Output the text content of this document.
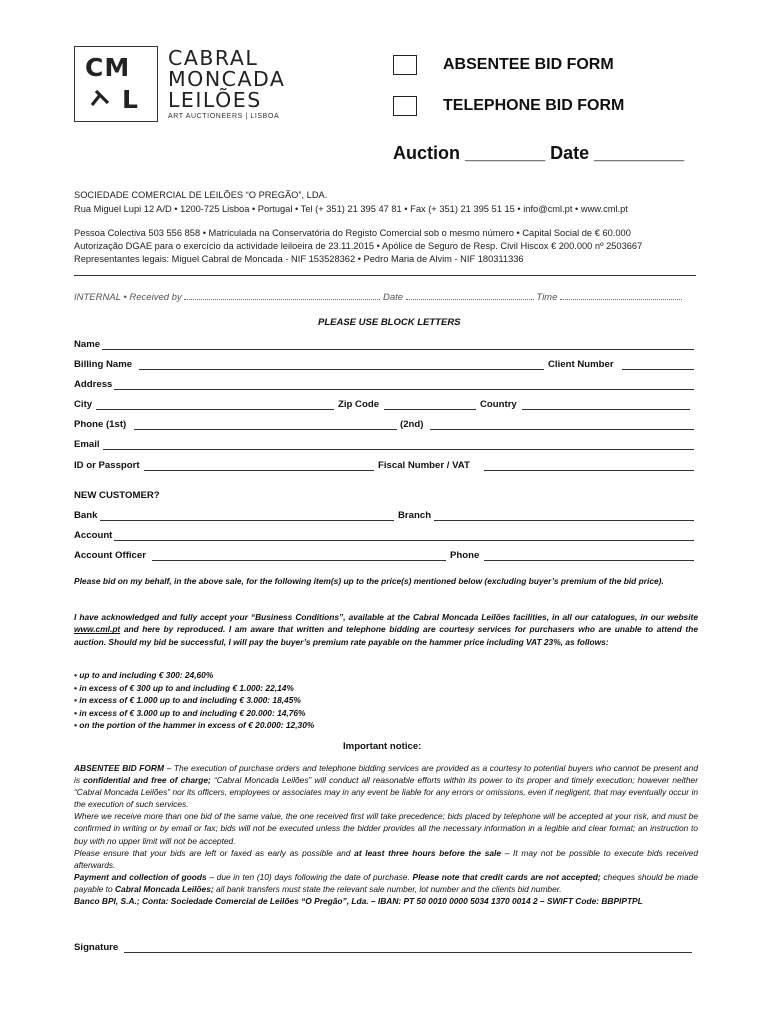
CM
L
CABRAL
MONCADA
LEILÕES
ART AUCTIONEERS | LISBOA
ABSENTEE BID FORM
TELEPHONE BID FORM
Auction ________ Date _________
SOCIEDADE COMERCIAL DE LEILÕES “O PREGÃO”, LDA.
Rua Miguel Lupi 12 A/D • 1200-725 Lisboa • Portugal • Tel (+ 351) 21 395 47 81 • Fax (+ 351) 21 395 51 15 • info@cml.pt • www.cml.pt
Pessoa Colectiva 503 556 858 • Matriculada na Conservatória do Registo Comercial sob o mesmo número • Capital Social de € 60.000
Autorização DGAE para o exercício da actividade leiloeira de 23.11.2015 • Apólice de Seguro de Resp. Civil Hiscox € 200.000 nº 2503667
Representantes legais: Miguel Cabral de Moncada - NIF 153528362 • Pedro Maria de Alvim - NIF 180311336
INTERNAL • Received by	Date	Time
PLEASE USE BLOCK LETTERS
Name
Billing Name	Client Number
Address
City	Zip Code	Country
Phone (1st)	(2nd)
Email
ID or Passport	Fiscal Number / VAT
NEW CUSTOMER?
Bank	Branch
Account
Account Officer	Phone
Please bid on my behalf, in the above sale, for the following item(s) up to the price(s) mentioned below (excluding buyer’s premium of the bid price).
I have acknowledged and fully accept your “Business Conditions”, available at the Cabral Moncada Leilões facilities, in all our catalogues, in our website www.cml.pt and here by reproduced. I am aware that written and telephone bidding are courtesy services for purchasers who are unable to attend the auction. Should my bid be successful, I will pay the buyer’s premium rate payable on the hammer price including VAT 23%, as follows:
• up to and including € 300: 24,60%
• in excess of € 300 up to and including € 1.000: 22,14%
• in excess of € 1.000 up to and including € 3.000: 18,45%
• in excess of € 3.000 up to and including € 20.000: 14,76%
• on the portion of the hammer in excess of € 20.000: 12,30%
Important notice:
ABSENTEE BID FORM – The execution of purchase orders and telephone bidding services are provided as a courtesy to potential buyers who cannot be present and is confidential and free of charge; “Cabral Moncada Leilões” will conduct all reasonable efforts within its power to its proper and timely execution; however neither “Cabral Moncada Leilões” nor its officers, employees or associates may in any event be liable for any errors or omissions, even if negligent, that may eventually occur in the execution of such services.
Where we receive more than one bid of the same value, the one received first will take precedence; bids placed by telephone will be accepted at your risk, and must be confirmed in writing or by email or fax; bids will not be executed unless the bidder provides all the necessary information in a legible and clear format; an instruction to buy with no upper limit will not be accepted.
Please ensure that your bids are left or faxed as early as possible and at least three hours before the sale – It may not be possible to execute bids received afterwards.
Payment and collection of goods – due in ten (10) days following the date of purchase. Please note that credit cards are not accepted; cheques should be made payable to Cabral Moncada Leilões; all bank transfers must state the relevant sale number, lot number and the clients bid number.
Banco BPI, S.A.; Conta: Sociedade Comercial de Leilões “O Pregão”, Lda. – IBAN: PT 50 0010 0000 5034 1370 0014 2 – SWIFT Code: BBPIPTPL
Signature
